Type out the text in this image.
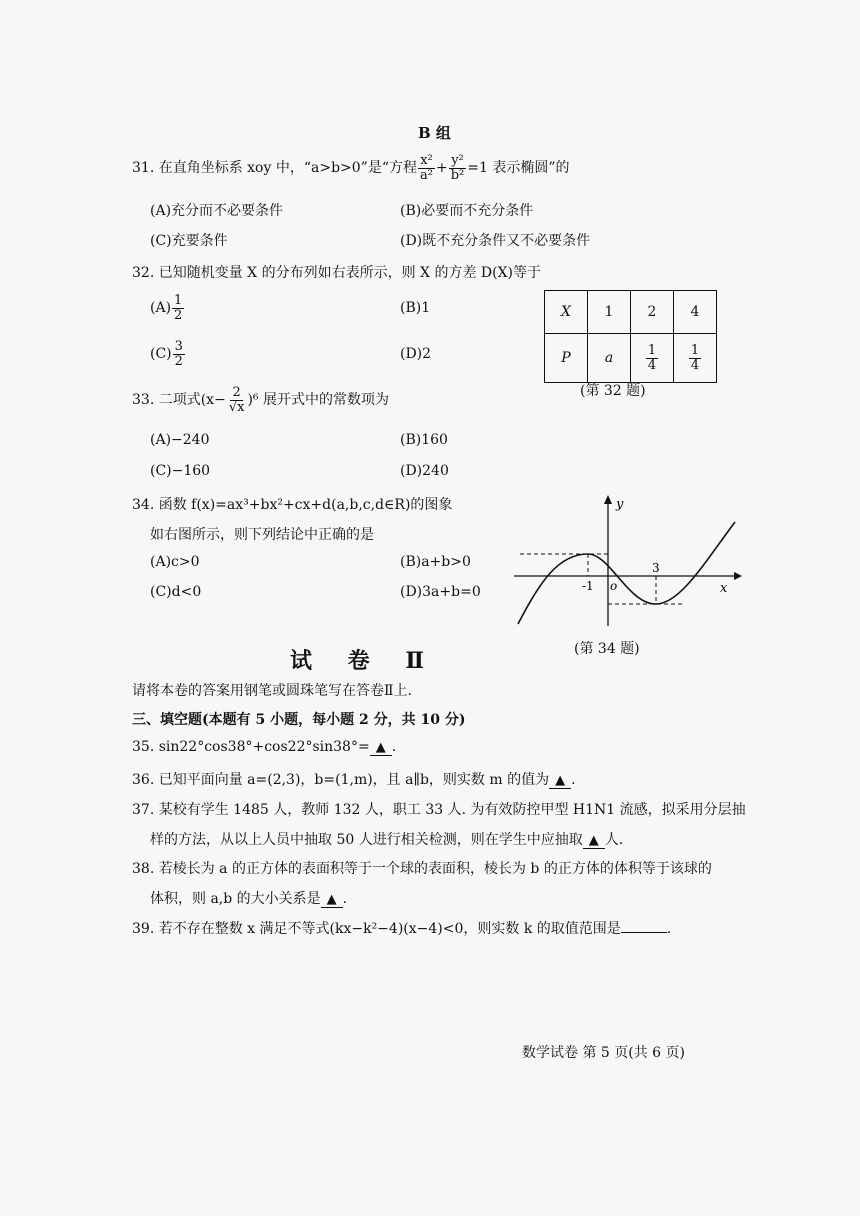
B 组
31. 在直角坐标系 xoy 中，“a>b>0”是“方程 $\frac{\text{x²}}{\text{a²}} + \frac{\text{y²}}{\text{b²}} =1$ 表示椭圆”的
(A)充分而不必要条件	(B)必要而不充分条件
(C)充要条件	(D)既不充分条件又不必要条件
32. 已知随机变量 X 的分布列如右表所示，则 X 的方差 D(X)等于
$(A) \frac{1}{2}$	(B)1
$(C) \frac{3}{2}$	(D)2
X	1	2	4
P	a	$\frac{1}{4}$	$\frac{1}{4}$
(第 32 题)
33. 二项式$(x- \frac{2}{√x} )^6$ 展开式中的常数项为
(A)−240	(B)160
(C)−160	(D)240
34. 函数 f(x)=ax³+bx²+cx+d(a,b,c,d∈R)的图象
如右图所示，则下列结论中正确的是
(A)c>0	(B)a+b>0
(C)d<0	(D)3a+b=0
y
x
o
-1
3
(第 34 题)
试 卷 Ⅱ
请将本卷的答案用钢笔或圆珠笔写在答卷Ⅱ上.
三、填空题(本题有 5 小题，每小题 2 分，共 10 分)
35. sin22°cos38°+cos22°sin38°= ▲ .
36. 已知平面向量 a=(2,3)，b=(1,m)，且 a∥b，则实数 m 的值为 ▲ .
37. 某校有学生 1485 人，教师 132 人，职工 33 人. 为有效防控甲型 H1N1 流感，拟采用分层抽
样的方法，从以上人员中抽取 50 人进行相关检测，则在学生中应抽取 ▲ 人.
38. 若棱长为 a 的正方体的表面积等于一个球的表面积，棱长为 b 的正方体的体积等于该球的
体积，则 a,b 的大小关系是 ▲ .
39. 若不存在整数 x 满足不等式(kx−k²−4)(x−4)<0，则实数 k 的取值范围是	.
数学试卷 第 5 页(共 6 页)
